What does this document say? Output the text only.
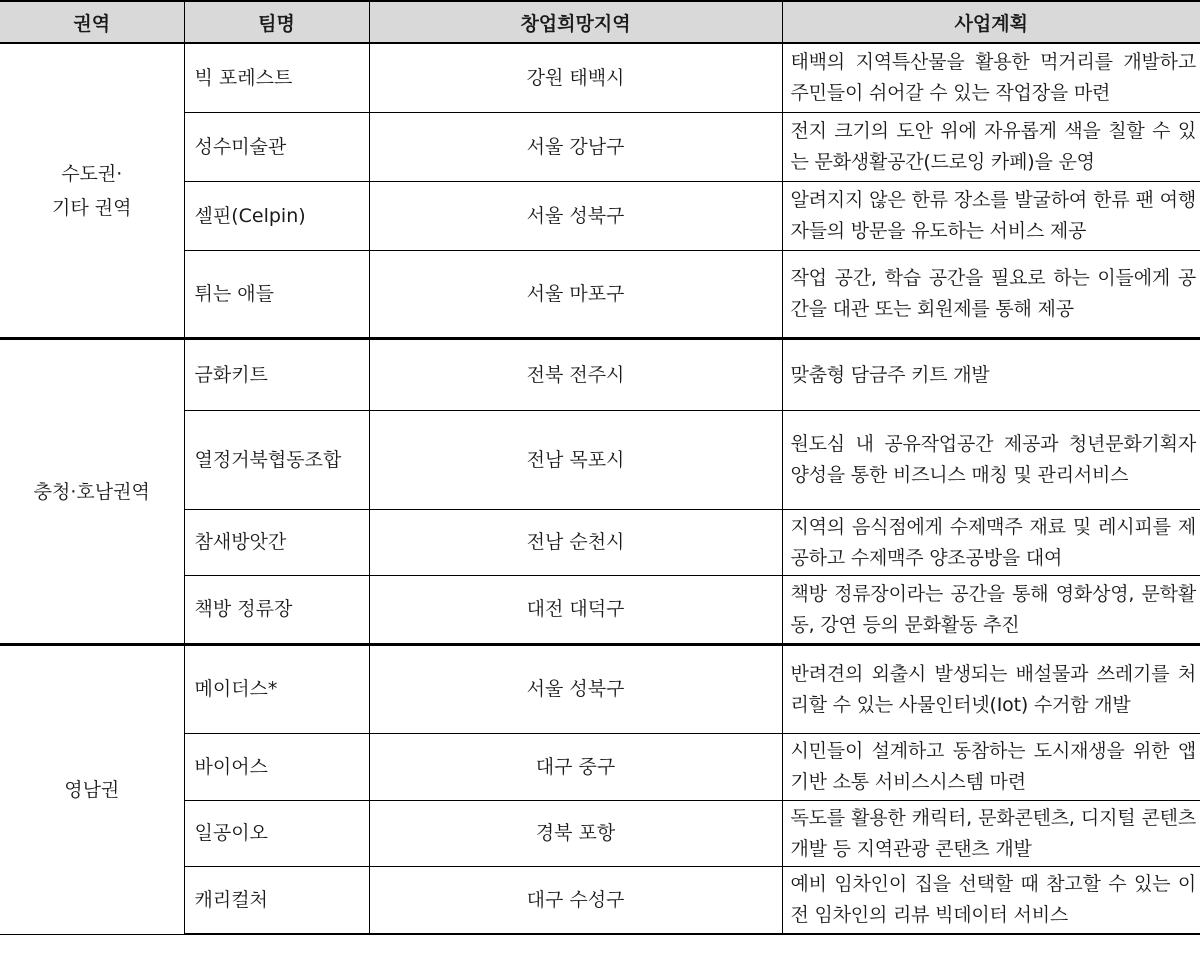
권역	팀명	창업희망지역	사업계획
수도권·
기타 권역	빅 포레스트	강원 태백시	태백의 지역특산물을 활용한 먹거리를 개발하고 주민들이 쉬어갈 수 있는 작업장을 마련
	성수미술관	서울 강남구	전지 크기의 도안 위에 자유롭게 색을 칠할 수 있는 문화생활공간(드로잉 카페)을 운영
	셀핀(Celpin)	서울 성북구	알려지지 않은 한류 장소를 발굴하여 한류 팬 여행자들의 방문을 유도하는 서비스 제공
	튀는 애들	서울 마포구	작업 공간, 학습 공간을 필요로 하는 이들에게 공간을 대관 또는 회원제를 통해 제공
충청·호남권역	금화키트	전북 전주시	맞춤형 담금주 키트 개발
	열정거북협동조합	전남 목포시	원도심 내 공유작업공간 제공과 청년문화기획자 양성을 통한 비즈니스 매칭 및 관리서비스
	참새방앗간	전남 순천시	지역의 음식점에게 수제맥주 재료 및 레시피를 제공하고 수제맥주 양조공방을 대여
	책방 정류장	대전 대덕구	책방 정류장이라는 공간을 통해 영화상영, 문학활동, 강연 등의 문화활동 추진
영남권	메이더스*	서울 성북구	반려견의 외출시 발생되는 배설물과 쓰레기를 처리할 수 있는 사물인터넷(Iot) 수거함 개발
	바이어스	대구 중구	시민들이 설계하고 동참하는 도시재생을 위한 앱기반 소통 서비스시스템 마련
	일공이오	경북 포항	독도를 활용한 캐릭터, 문화콘텐츠, 디지털 콘텐츠 개발 등 지역관광 콘탠츠 개발
	캐리컬처	대구 수성구	예비 임차인이 집을 선택할 때 참고할 수 있는 이전 임차인의 리뷰 빅데이터 서비스
